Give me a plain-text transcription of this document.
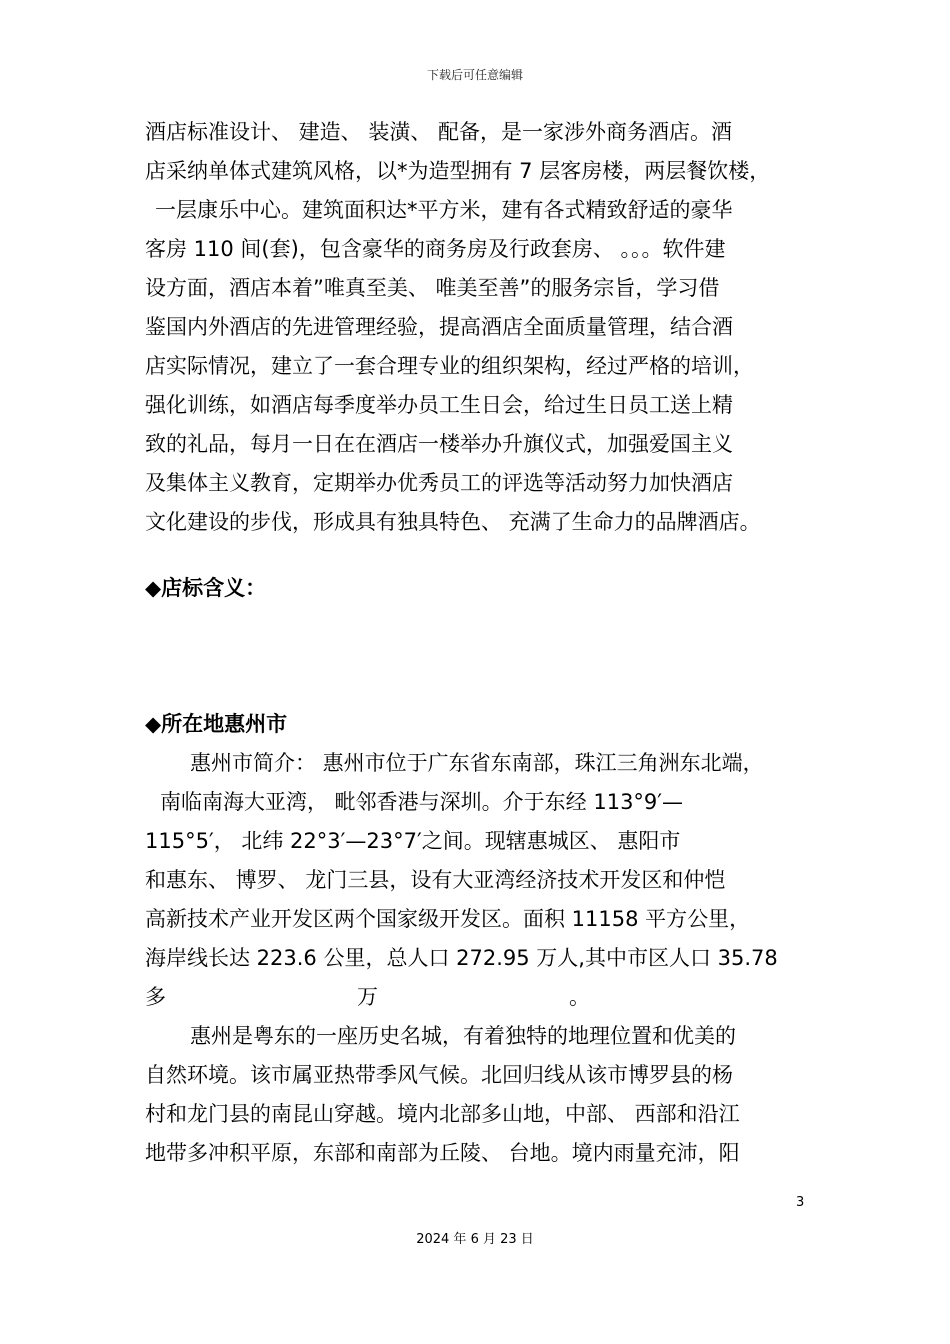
下载后可任意编辑
酒店标准设计、 建造、 装潢、 配备，是一家涉外商务酒店。酒
店采纳单体式建筑风格，以*为造型拥有 7 层客房楼，两层餐饮楼，
一层康乐中心。建筑面积达*平方米，建有各式精致舒适的豪华
客房 110 间(套)，包含豪华的商务房及行政套房、 。。。软件建
设方面，酒店本着”唯真至美、 唯美至善”的服务宗旨，学习借
鉴国内外酒店的先进管理经验，提高酒店全面质量管理，结合酒
店实际情况，建立了一套合理专业的组织架构，经过严格的培训，
强化训练，如酒店每季度举办员工生日会，给过生日员工送上精
致的礼品，每月一日在在酒店一楼举办升旗仪式，加强爱国主义
及集体主义教育，定期举办优秀员工的评选等活动努力加快酒店
文化建设的步伐，形成具有独具特色、 充满了生命力的品牌酒店。
◆店标含义：
◆所在地惠州市
惠州市简介： 惠州市位于广东省东南部，珠江三角洲东北端，
南临南海大亚湾， 毗邻香港与深圳。介于东经 113°9′—
115°5′， 北纬 22°3′—23°7′之间。现辖惠城区、 惠阳市
和惠东、 博罗、 龙门三县，设有大亚湾经济技术开发区和仲恺
高新技术产业开发区两个国家级开发区。面积 11158 平方公里，
海岸线长达 223.6 公里，总人口 272.95 万人,其中市区人口 35.78
多	万	。
惠州是粤东的一座历史名城，有着独特的地理位置和优美的
自然环境。该市属亚热带季风气候。北回归线从该市博罗县的杨
村和龙门县的南昆山穿越。境内北部多山地，中部、 西部和沿江
地带多冲积平原，东部和南部为丘陵、 台地。境内雨量充沛，阳
3
2024 年 6 月 23 日
